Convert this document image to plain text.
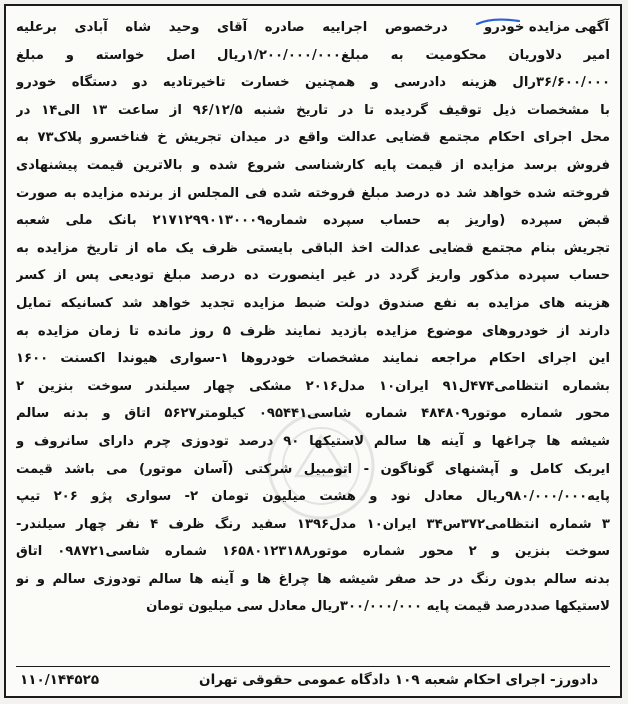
آگهی مزایده خودرو  درخصوص اجراییه صادره آقای وحید شاه آبادی برعلیه
امیر دلاوریان محکومیت به مبلغ۱/۲۰۰/۰۰۰/۰۰۰ریال اصل خواسته و مبلغ
۳۶/۶۰۰/۰۰۰رال هزینه دادرسی و همچنین خسارت تاخیرتادیه دو دستگاه خودرو
با مشخصات ذیل توقیف گردیده تا در تاریخ شنبه ۹۶/۱۲/۵ از ساعت ۱۳ الی۱۴ در
محل اجرای احکام مجتمع قضایی عدالت واقع در میدان تجریش خ فناخسرو پلاک۷۳ به
فروش برسد مزایده از قیمت پایه کارشناسی شروع شده و بالاترین قیمت پیشنهادی
فروخته شده خواهد شد ده درصد مبلغ فروخته شده فی المجلس از برنده مزایده به صورت
قبض سپرده (واریز به حساب سپرده شماره۲۱۷۱۲۹۹۰۱۳۰۰۰۹ بانک ملی شعبه
تجریش بنام مجتمع قضایی عدالت اخذ الباقی بایستی ظرف یک ماه از تاریخ مزایده به
حساب سپرده مذکور واریز گردد در غیر اینصورت ده درصد مبلغ تودیعی پس از کسر
هزینه های مزایده به نفع صندوق دولت ضبط مزایده تجدید خواهد شد کسانیکه تمایل
دارند از خودروهای موضوع مزایده بازدید نمایند ظرف ۵ روز مانده تا زمان مزایده به
این اجرای احکام مراجعه نمایند مشخصات خودروها ۱-سواری هیوندا اکسنت ۱۶۰۰
بشماره انتظامی۴۷۴ل۹۱ ایران۱۰ مدل۲۰۱۶ مشکی چهار سیلندر سوخت بنزین ۲
محور شماره موتور۴۸۴۸۰۹ شماره شاسی۰۹۵۴۴۱ کیلومتر۵۶۲۷ اتاق و بدنه سالم
شیشه ها چراغها و آینه ها سالم لاستیکها ۹۰ درصد تودوزی چرم دارای سانروف و
ایربک کامل و آپشنهای گوناگون - اتومبیل شرکتی (آسان موتور) می باشد قیمت
پایه۹۸۰/۰۰۰/۰۰۰ریال معادل نود و هشت میلیون تومان ۲- سواری پژو ۲۰۶ تیپ
۳ شماره انتظامی۳۷۲س۳۴ ایران۱۰ مدل۱۳۹۶ سفید رنگ ظرف ۴ نفر چهار سیلندر-
سوخت بنزین و ۲ محور شماره موتور۱۶۵۸۰۱۲۳۱۸۸ شماره شاسی۰۹۸۷۲۱ اتاق
بدنه سالم بدون رنگ در حد صفر شیشه ها چراغ ها و آینه ها سالم تودوزی سالم و نو
لاستیکها صددرصد قیمت پایه ۳۰۰/۰۰۰/۰۰۰ریال معادل سی میلیون تومان
دادورز- اجرای احکام شعبه ۱۰۹ دادگاه عمومی حقوقی تهران
۱۱۰/۱۴۴۵۲۵
